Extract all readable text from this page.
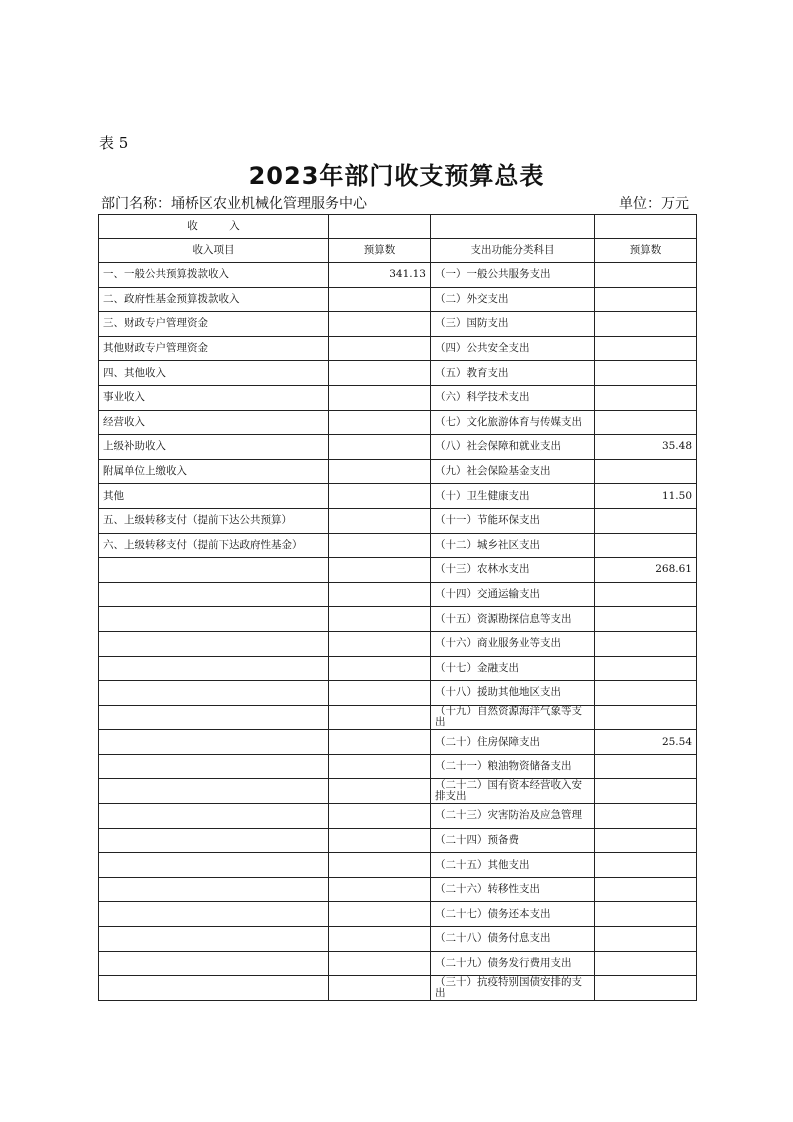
表 5
2023年部门收支预算总表
部门名称：埇桥区农业机械化管理服务中心	单位：万元
收　　　入			
收入项目	预算数	支出功能分类科目	预算数
一、一般公共预算拨款收入	341.13	（一）一般公共服务支出	
二、政府性基金预算拨款收入		（二）外交支出	
三、财政专户管理资金		（三）国防支出	
其他财政专户管理资金		（四）公共安全支出	
四、其他收入		（五）教育支出	
事业收入		（六）科学技术支出	
经营收入		（七）文化旅游体育与传媒支出	
上级补助收入		（八）社会保障和就业支出	35.48
附属单位上缴收入		（九）社会保险基金支出	
其他		（十）卫生健康支出	11.50
五、上级转移支付（提前下达公共预算）		（十一）节能环保支出	
六、上级转移支付（提前下达政府性基金）		（十二）城乡社区支出	
		（十三）农林水支出	268.61
		（十四）交通运输支出	
		（十五）资源勘探信息等支出	
		（十六）商业服务业等支出	
		（十七）金融支出	
		（十八）援助其他地区支出	
		（十九）自然资源海洋气象等支出	
		（二十）住房保障支出	25.54
		（二十一）粮油物资储备支出	
		（二十二）国有资本经营收入安排支出	
		（二十三）灾害防治及应急管理	
		（二十四）预备费	
		（二十五）其他支出	
		（二十六）转移性支出	
		（二十七）债务还本支出	
		（二十八）债务付息支出	
		（二十九）债务发行费用支出	
		（三十）抗疫特别国债安排的支出	
